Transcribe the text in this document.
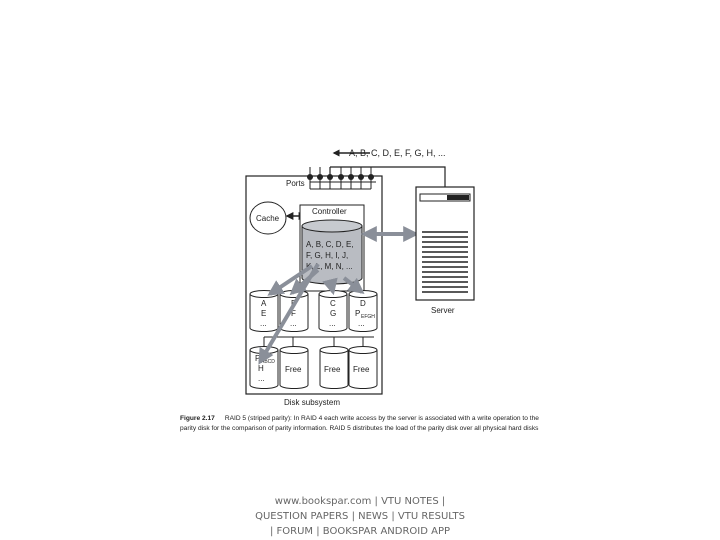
A, B, C, D, E, F, G, H, ...
Ports
Cache
Controller
A, B, C, D, E,
F, G, H, I, J,
K, L, M, N, ...
A
E
...
B
F
...
C
G
...
D
P EFGH
...
P ABCD
H
...
Free	Free Free
Disk subsystem
Server
Figure 2.17 RAID 5 (striped parity): In RAID 4 each write access by the server is associated with a write operation to the parity disk for the comparison of parity information. RAID 5 distributes the load of the parity disk over all physical hard disks
www.bookspar.com | VTU NOTES |
QUESTION PAPERS | NEWS | VTU RESULTS
| FORUM | BOOKSPAR ANDROID APP
